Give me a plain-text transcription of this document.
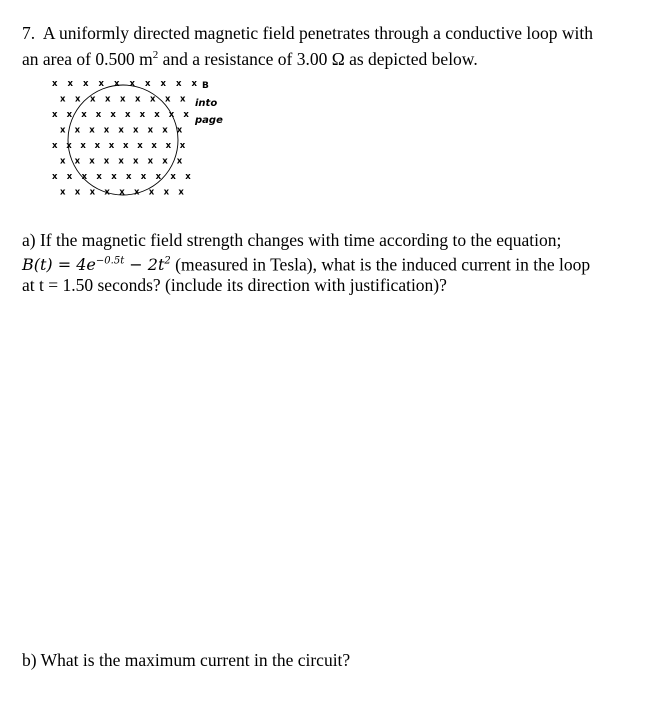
7. A uniformly directed magnetic field penetrates through a conductive loop with
an area of 0.500 $m^2$ and a resistance of 3.00 Ω as depicted below.
x x x x x x x x x x
x x x x x x x x x
x x x x x x x x x x
x x x x x x x x x
x x x x x x x x x x
x x x x x x x x x
x x x x x x x x x x
x x x x x x x x x
B
into
page
a) If the magnetic field strength changes with time according to the equation;
$B(t) = 4e^{-0.5t} - 2t^2$ (measured in Tesla), what is the induced current in the loop
at t = 1.50 seconds? (include its direction with justification)?
b) What is the maximum current in the circuit?
